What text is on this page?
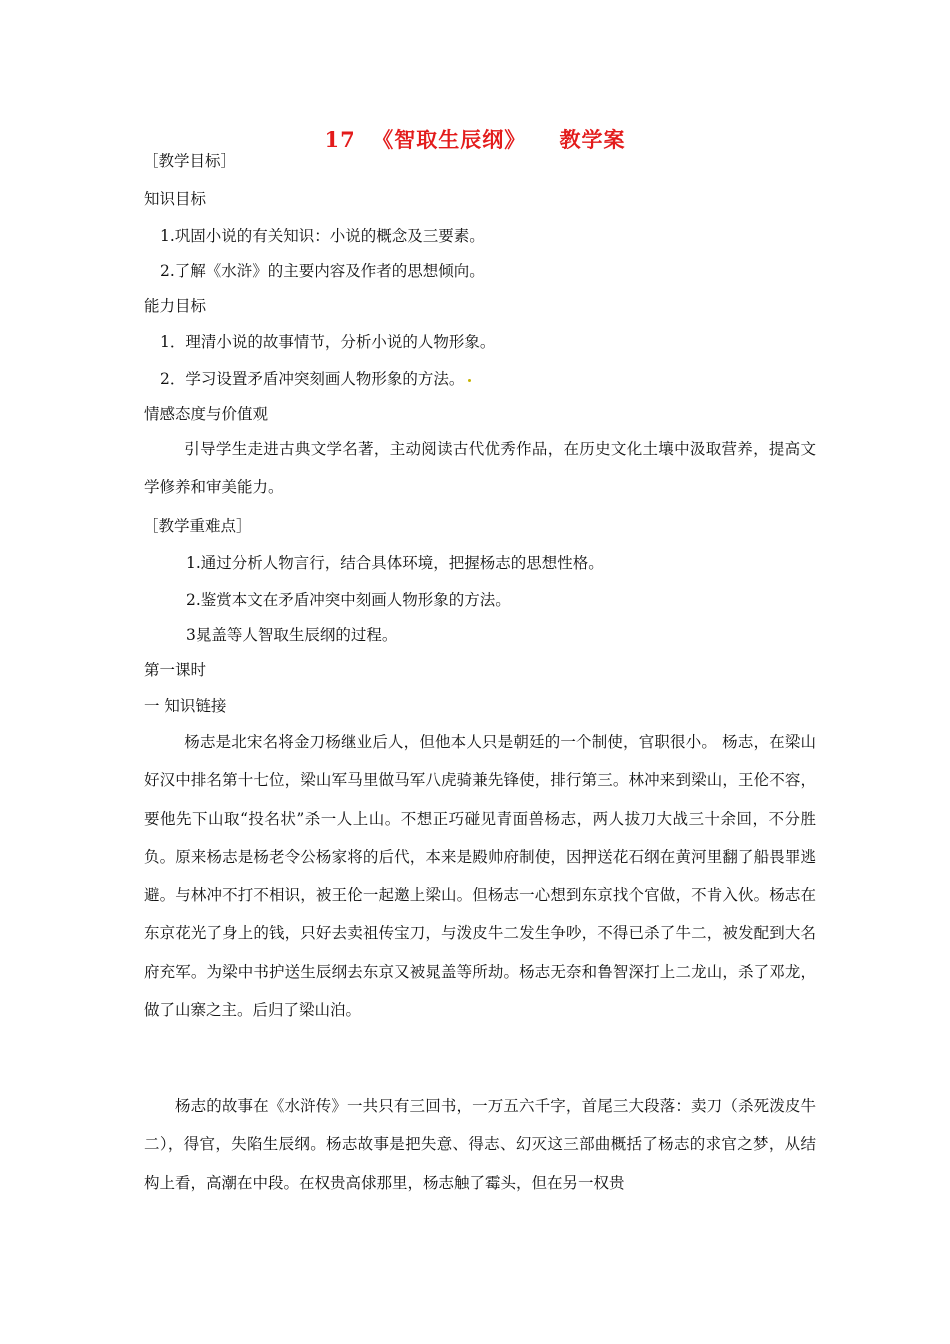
17  《智取生辰纲》    教学案
［教学目标］
知识目标
1.巩固小说的有关知识：小说的概念及三要素。
2.了解《水浒》的主要内容及作者的思想倾向。
能力目标
1．理清小说的故事情节，分析小说的人物形象。
2．学习设置矛盾冲突刻画人物形象的方法。
情感态度与价值观
引导学生走进古典文学名著，主动阅读古代优秀作品，在历史文化土壤中汲取营养，提高文学修养和审美能力。
［教学重难点］
1.通过分析人物言行，结合具体环境，把握杨志的思想性格。
2.鉴赏本文在矛盾冲突中刻画人物形象的方法。
3晁盖等人智取生辰纲的过程。
第一课时
一 知识链接
杨志是北宋名将金刀杨继业后人，但他本人只是朝廷的一个制使，官职很小。 杨志，在梁山好汉中排名第十七位，梁山军马里做马军八虎骑兼先锋使，排行第三。林冲来到梁山，王伦不容，要他先下山取“投名状”杀一人上山。不想正巧碰见青面兽杨志，两人拔刀大战三十余回，不分胜负。原来杨志是杨老令公杨家将的后代，本来是殿帅府制使，因押送花石纲在黄河里翻了船畏罪逃避。与林冲不打不相识，被王伦一起邀上梁山。但杨志一心想到东京找个官做，不肯入伙。杨志在东京花光了身上的钱，只好去卖祖传宝刀，与泼皮牛二发生争吵，不得已杀了牛二，被发配到大名府充军。为梁中书护送生辰纲去东京又被晁盖等所劫。杨志无奈和鲁智深打上二龙山，杀了邓龙，做了山寨之主。后归了梁山泊。
杨志的故事在《水浒传》一共只有三回书，一万五六千字，首尾三大段落：卖刀（杀死泼皮牛二），得官，失陷生辰纲。杨志故事是把失意、得志、幻灭这三部曲概括了杨志的求官之梦，从结构上看，高潮在中段。在权贵高俅那里，杨志触了霉头，但在另一权贵
